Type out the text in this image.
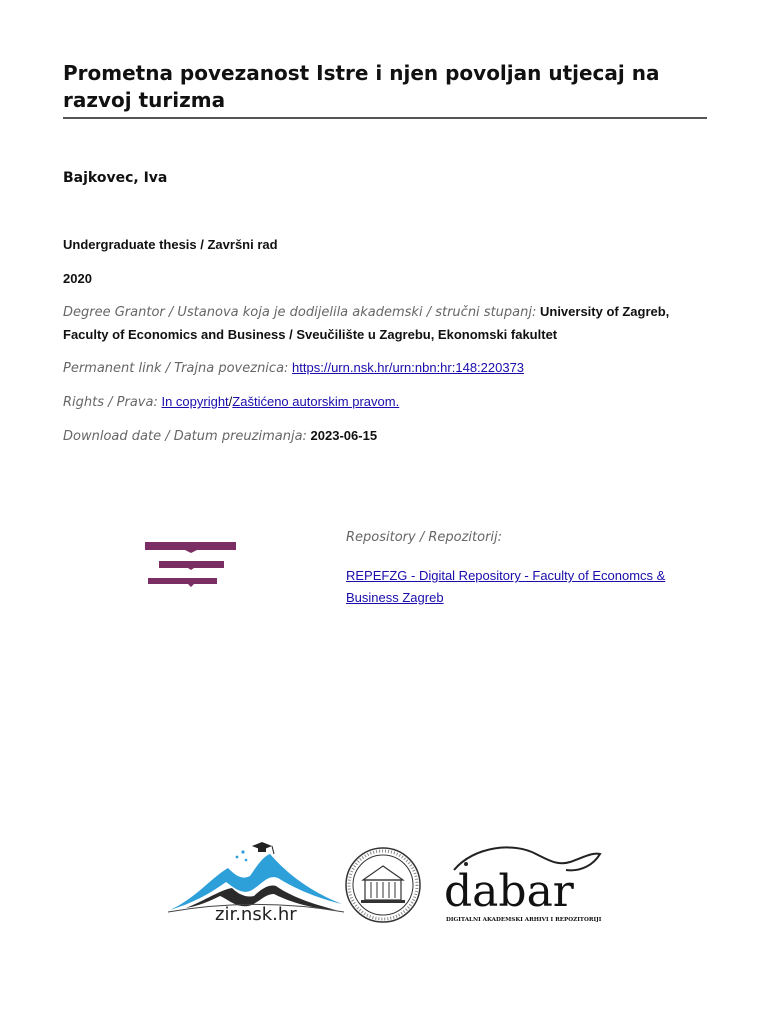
Prometna povezanost Istre i njen povoljan utjecaj na razvoj turizma
Bajkovec, Iva
Undergraduate thesis / Završni rad
2020
Degree Grantor / Ustanova koja je dodijelila akademski / stručni stupanj: University of Zagreb, Faculty of Economics and Business / Sveučilište u Zagrebu, Ekonomski fakultet
Permanent link / Trajna poveznica: https://urn.nsk.hr/urn:nbn:hr:148:220373
Rights / Prava: In copyright/Zaštićeno autorskim pravom.
Download date / Datum preuzimanja: 2023-06-15
Repository / Repozitorij:
REPEFZG - Digital Repository - Faculty of Economcs & Business Zagreb
zir.nsk.hr	dabar
DIGITALNI AKADEMSKI ARHIVI I REPOZITORIJI
